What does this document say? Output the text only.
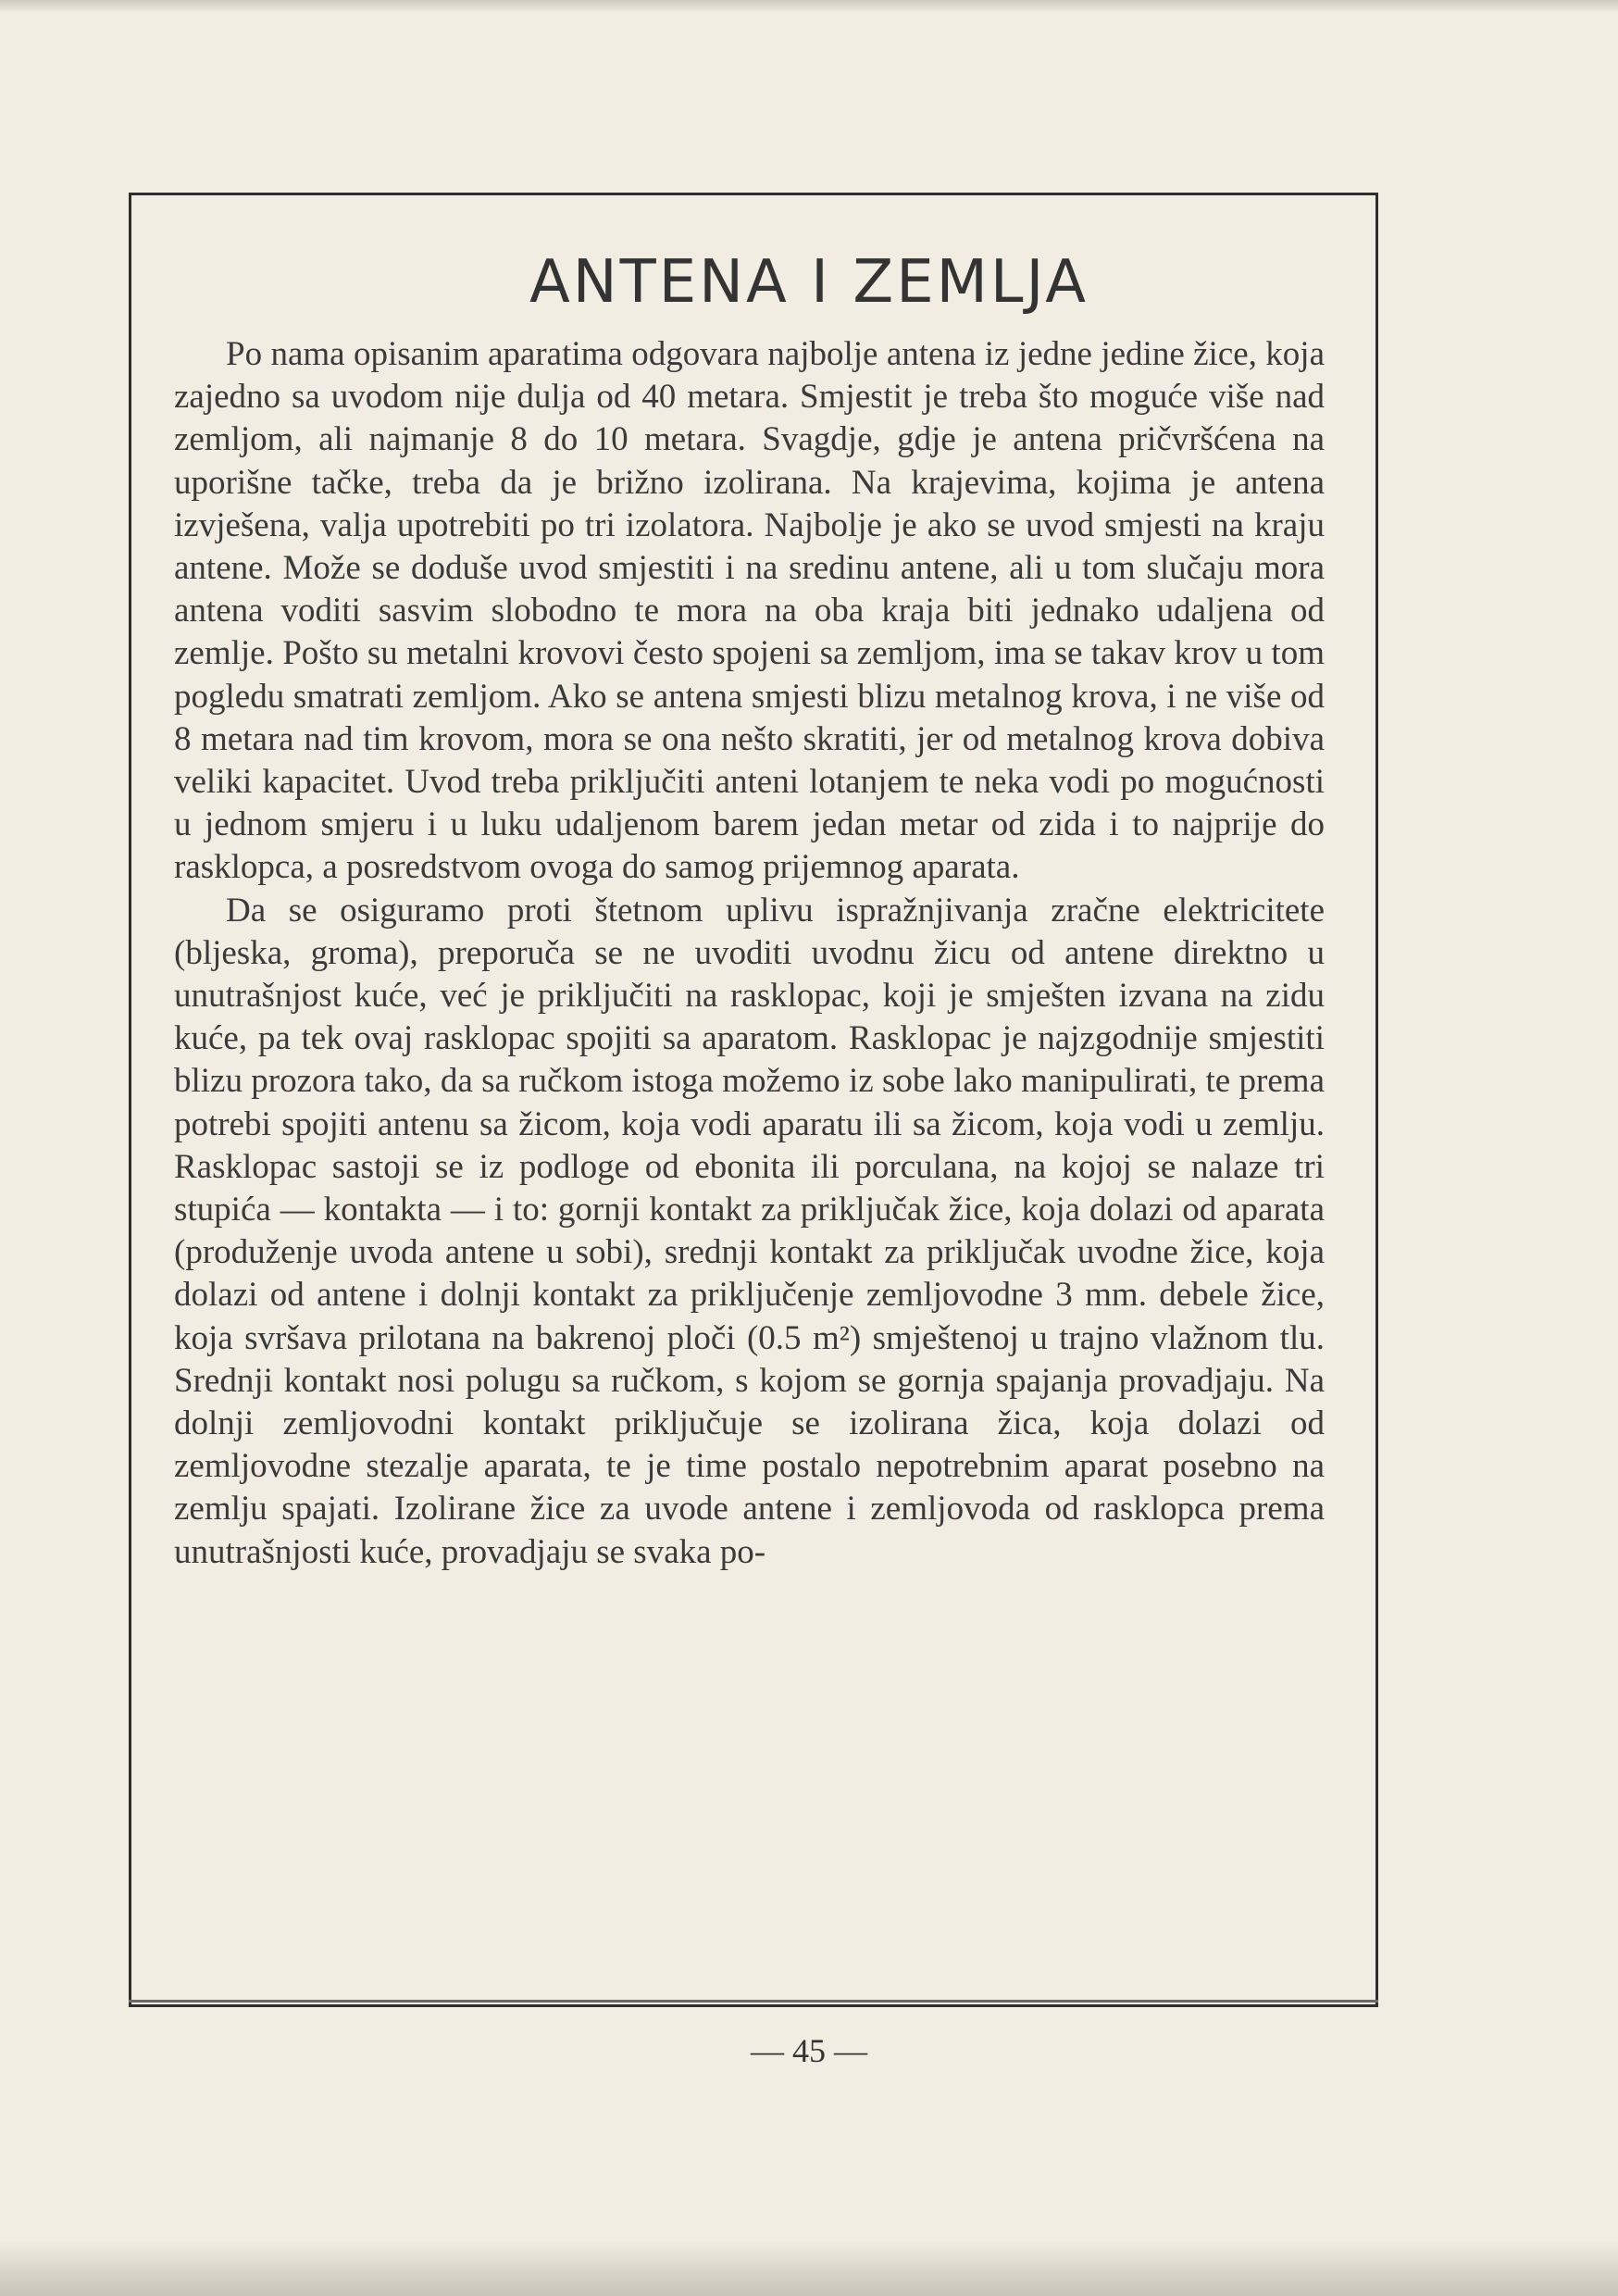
ANTENA I ZEMLJA

Po nama opisanim aparatima odgovara najbolje antena iz jedne jedine žice, koja zajedno sa uvodom nije dulja od 40 metara. Smjestit je treba što moguće više nad zemljom, ali najmanje 8 do 10 metara. Svagdje, gdje je antena pričvršćena na uporišne tačke, treba da je brižno izolirana. Na krajevima, kojima je antena izvješena, valja upotrebiti po tri izolatora. Najbolje je ako se uvod smjesti na kraju antene. Može se doduše uvod smjestiti i na sredinu antene, ali u tom slučaju mora antena voditi sasvim slobodno te mora na oba kraja biti jednako udaljena od zemlje. Pošto su metalni krovovi često spojeni sa zemljom, ima se takav krov u tom pogledu smatrati zemljom. Ako se antena smjesti blizu metalnog krova, i ne više od 8 metara nad tim krovom, mora se ona nešto skratiti, jer od metalnog krova dobiva veliki kapacitet. Uvod treba priključiti anteni lotanjem te neka vodi po mogućnosti u jednom smjeru i u luku udaljenom barem jedan metar od zida i to najprije do rasklopca, a posredstvom ovoga do samog prijemnog aparata.

Da se osiguramo proti štetnom uplivu ispražnjivanja zračne elektricitete (bljeska, groma), preporuča se ne uvoditi uvodnu žicu od antene direktno u unutrašnjost kuće, već je priključiti na rasklopac, koji je smješten izvana na zidu kuće, pa tek ovaj rasklopac spojiti sa aparatom. Rasklopac je najzgodnije smjestiti blizu prozora tako, da sa ručkom istoga možemo iz sobe lako manipulirati, te prema potrebi spojiti antenu sa žicom, koja vodi aparatu ili sa žicom, koja vodi u zemlju. Rasklopac sastoji se iz podloge od ebonita ili porculana, na kojoj se nalaze tri stupića — kontakta — i to: gornji kontakt za priključak žice, koja dolazi od aparata (produženje uvoda antene u sobi), srednji kontakt za priključak uvodne žice, koja dolazi od antene i dolnji kontakt za priključenje zemljovodne 3 mm. debele žice, koja svršava prilotana na bakrenoj ploči (0.5 m²) smještenoj u trajno vlažnom tlu. Srednji kontakt nosi polugu sa ručkom, s kojom se gornja spajanja provadjaju. Na dolnji zemljovodni kontakt priključuje se izolirana žica, koja dolazi od zemljovodne stezalje aparata, te je time postalo nepotrebnim aparat posebno na zemlju spajati. Izolirane žice za uvode antene i zemljovoda od rasklopca prema unutrašnjosti kuće, provadjaju se svaka po-

— 45 —
